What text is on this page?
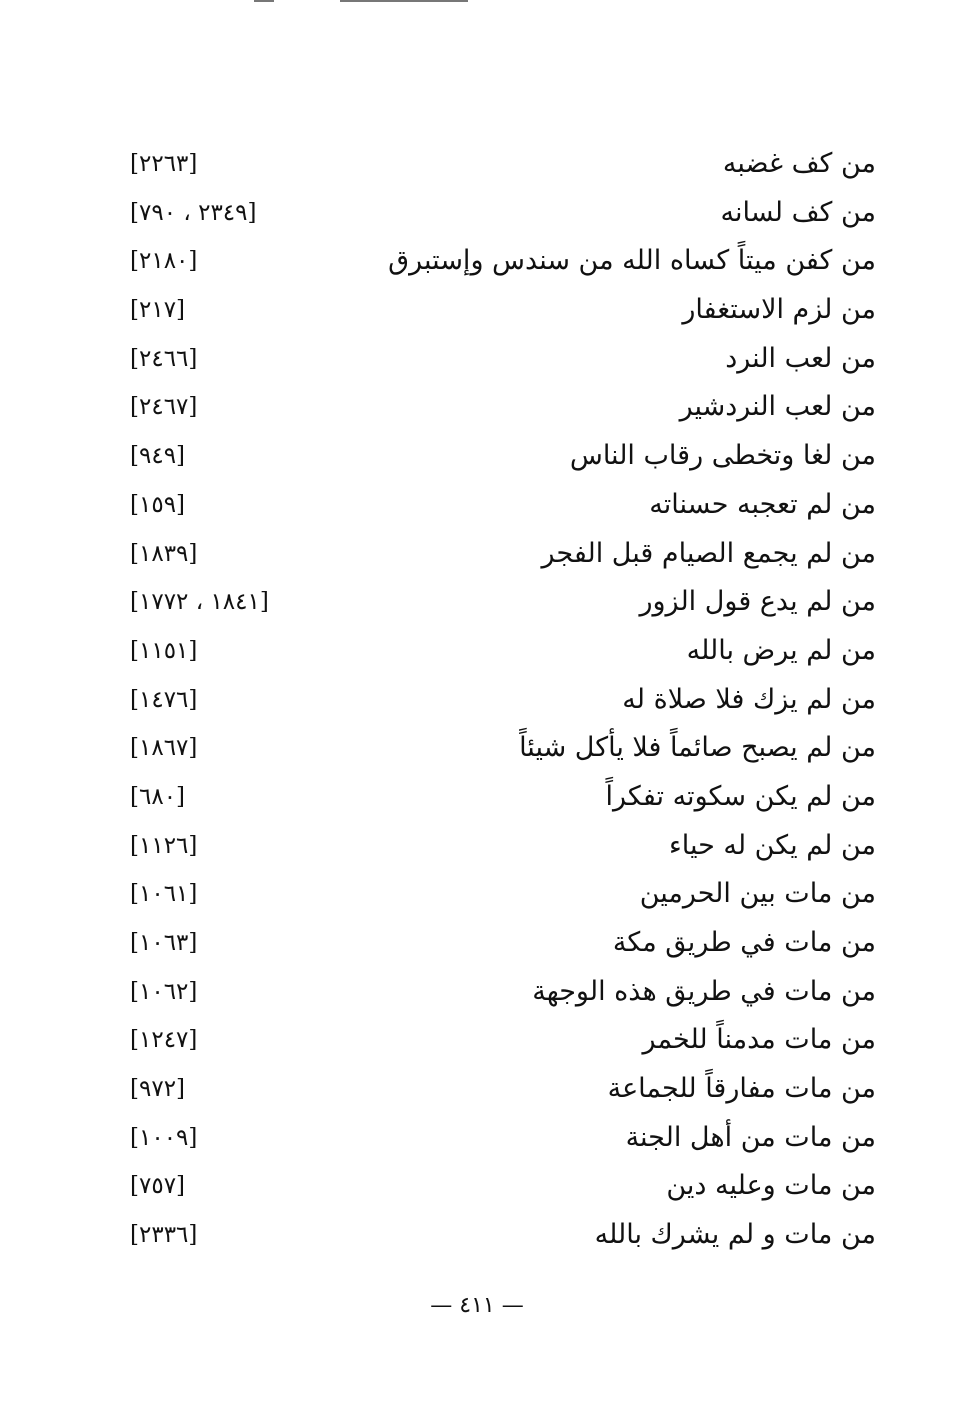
من كف غضبه
[٢٢٦٣]
من كف لسانه
[٢٣٤٩ ، ٧٩٠]
من كفن ميتاً كساه الله من سندس وإستبرق
[٢١٨٠]
من لزم الاستغفار
[٢١٧]
من لعب النرد
[٢٤٦٦]
من لعب النردشير
[٢٤٦٧]
من لغا وتخطى رقاب الناس
[٩٤٩]
من لم تعجبه حسناته
[١٥٩]
من لم يجمع الصيام قبل الفجر
[١٨٣٩]
من لم يدع قول الزور
[١٨٤١ ، ١٧٧٢]
من لم يرض بالله
[١١٥١]
من لم يزك فلا صلاة له
[١٤٧٦]
من لم يصبح صائماً فلا يأكل شيئاً
[١٨٦٧]
من لم يكن سكوته تفكراً
[٦٨٠]
من لم يكن له حياء
[١١٢٦]
من مات بين الحرمين
[١٠٦١]
من مات في طريق مكة
[١٠٦٣]
من مات في طريق هذه الوجهة
[١٠٦٢]
من مات مدمناً للخمر
[١٢٤٧]
من مات مفارقاً للجماعة
[٩٧٢]
من مات من أهل الجنة
[١٠٠٩]
من مات وعليه دين
[٧٥٧]
من مات و لم يشرك بالله
[٢٣٣٦]
— ٤١١ —
